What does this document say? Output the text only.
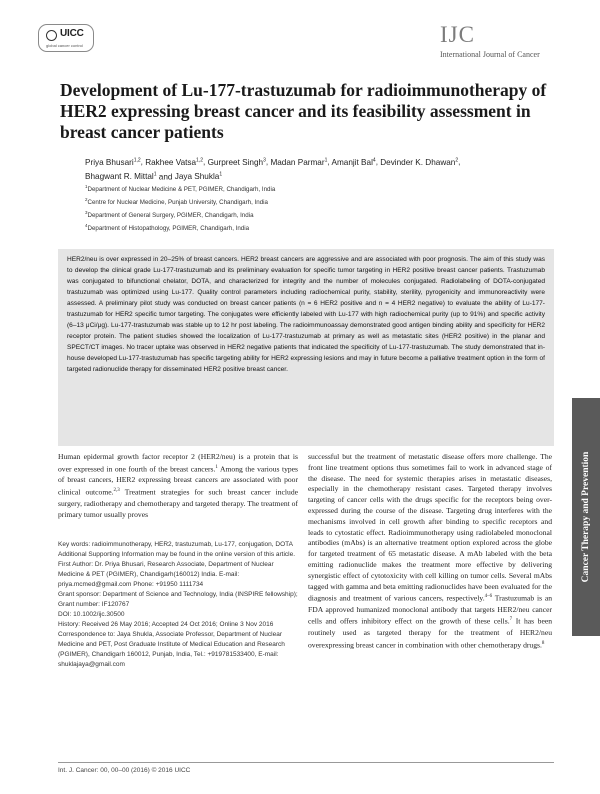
UICC
global cancer control	IJC
International Journal of Cancer
Development of Lu-177-trastuzumab for radioimmunotherapy of HER2 expressing breast cancer and its feasibility assessment in breast cancer patients
Priya Bhusari$^{1,2}$, Rakhee Vatsa$^{1,2}$, Gurpreet Singh$^3$, Madan Parmar$^1$, Amanjit Bal$^4$, Devinder K. Dhawan$^2$,
Bhagwant R. Mittal$^1$ and Jaya Shukla$^1$
$^1$Department of Nuclear Medicine & PET, PGIMER, Chandigarh, India
$^2$Centre for Nuclear Medicine, Punjab University, Chandigarh, India
$^3$Department of General Surgery, PGIMER, Chandigarh, India
$^4$Department of Histopathology, PGIMER, Chandigarh, India
HER2/neu is over expressed in 20–25% of breast cancers. HER2 breast cancers are aggressive and are associated with poor prognosis. The aim of this study was to develop the clinical grade Lu-177-trastuzumab and its preliminary evaluation for specific tumor targeting in HER2 positive breast cancer patients. Trastuzumab was conjugated to bifunctional chelator, DOTA, and characterized for integrity and the number of molecules conjugated. Radiolabeling of DOTA-conjugated trastuzumab was optimized using Lu-177. Quality control parameters including radiochemical purity, stability, sterility, pyrogenicity and immunoreactivity were assessed. A preliminary pilot study was conducted on breast cancer patients (n = 6 HER2 positive and n = 4 HER2 negative) to evaluate the ability of Lu-177-trastuzumab for HER2 specific tumor targeting. The conjugates were efficiently labeled with Lu-177 with high radiochemical purity (up to 91%) and specific activity (6–13 μCi/μg). Lu-177-trastuzumab was stable up to 12 hr post labeling. The radioimmunoassay demonstrated good antigen binding ability and specificity for HER2 receptor protein. The patient studies showed the localization of Lu-177-trastuzumab at primary as well as metastatic sites (HER2 positive) in the planar and SPECT/CT images. No tracer uptake was observed in HER2 negative patients that indicated the specificity of Lu-177-trastuzumab. The study demonstrated that in-house developed Lu-177-trastuzumab has specific targeting ability for HER2 expressing lesions and may in future become a palliative treatment option in the form of targeted radionuclide therapy for disseminated HER2 positive breast cancer.

Human epidermal growth factor receptor 2 (HER2/neu) is a protein that is over expressed in one fourth of the breast cancers.$^1$ Among the various types of breast cancers, HER2 expressing breast cancers are associated with poor clinical outcome.$^{2,3}$ Treatment strategies for such breast cancer include surgery, radiotherapy and chemotherapy and targeted therapy. The treatment of primary tumor usually proves

Key words: radioimmunotherapy, HER2, trastuzumab, Lu-177, conjugation, DOTA

Additional Supporting Information may be found in the online version of this article.

First Author: Dr. Priya Bhusari, Research Associate, Department of Nuclear Medicine & PET (PGIMER), Chandigarh(160012) India. E-mail: priya.mcmed@gmail.com Phone: +91950 1111734

Grant sponsor: Department of Science and Technology, India (INSPIRE fellowship); Grant number: IF120767

DOI: 10.1002/ijc.30500

History: Received 26 May 2016; Accepted 24 Oct 2016; Online 3 Nov 2016

Correspondence to: Jaya Shukla, Associate Professor, Department of Nuclear Medicine and PET, Post Graduate Institute of Medical Education and Research (PGIMER), Chandigarh 160012, Punjab, India, Tel.: +919781533400, E-mail: shuklajaya@gmail.com

successful but the treatment of metastatic disease offers more challenge. The front line treatment options thus sometimes fail to work in advanced stage of the disease. The need for systemic therapies arises in metastatic diseases, especially in the chemotherapy resistant cases. Targeted therapy involves targeting of cancer cells with the drugs specific for the receptors being over-expressed during the course of the disease. Targeting drug interferes with the mechanisms involved in cell growth after binding to specific receptors and leads to cytostatic effect. Radioimmunotherapy using radiolabeled monoclonal antibodies (mAbs) is an alternative treatment option explored across the globe for targeted treatment of 65 metastatic disease. A mAb labeled with the beta emitting radionuclide makes the treatment more effective by delivering synergistic effect of cytotoxicity with cell killing on tumor cells. Several mAbs tagged with gamma and beta emitting radionuclides have been evaluated for the diagnosis and treatment of various cancers, respectively.$^{4-6}$ Trastuzumab is an FDA approved humanized monoclonal antibody that targets HER2/neu cancer cells and offers inhibitory effect on the growth of these cells.$^7$ It has been routinely used as targeted therapy for the treatment of HER2/neu overexpressing breast cancer in combination with other chemotherapy drugs.$^8$

Cancer Therapy and Prevention
Int. J. Cancer: 00, 00–00 (2016) © 2016 UICC
